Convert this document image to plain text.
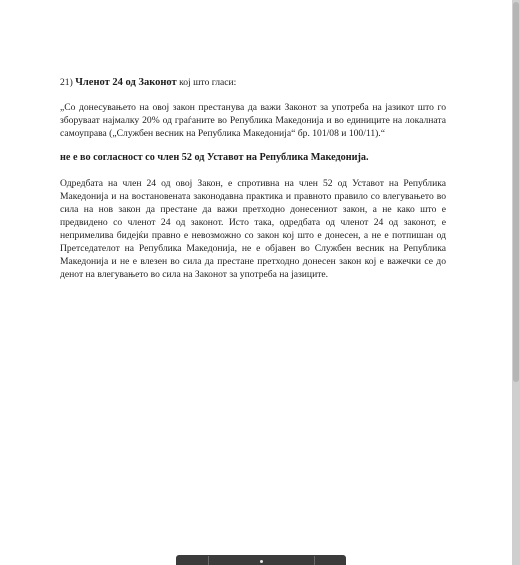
21) Членот 24 од Законот кој што гласи:
„Со донесувањето на овој закон престанува да важи Законот за употреба на јазикот што го зборуваат најмалку 20% од граѓаните во Република Македонија и во единиците на локалната самоуправа („Службен весник на Република Македонија“ бр. 101/08 и 100/11).“
не е во согласност со член 52 од Уставот на Република Македонија.
Одредбата на член 24 од овој Закон, е спротивна на член 52 од Уставот на Република Македонија и на востановената законодавна практика и правното правило со влегувањето во сила на нов закон да престане да важи претходно донесениот закон, а не како што е предвидено со членот 24 од законот. Исто така, одредбата од членот 24 од законот, е непримелива бидејќи правно е невозможно со закон кој што е донесен, а не е потпишан од Претседателот на Република Македонија, не е објавен во Службен весник на Република Македонија и не е влезен во сила да престане претходно донесен закон кој е важечки се до денот на влегувањето во сила на Законот за употреба на јазиците.
